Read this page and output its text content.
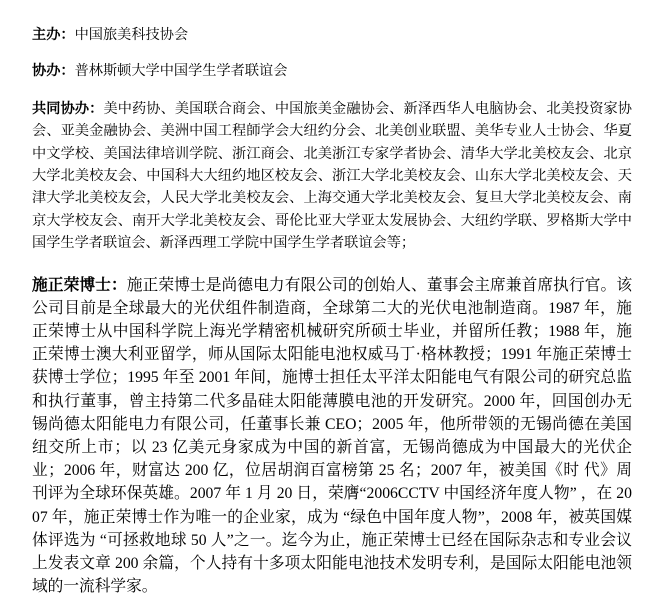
主办：中国旅美科技协会

协办：普林斯顿大学中国学生学者联谊会

共同协办：美中药协、美国联合商会、中国旅美金融协会、新泽西华人电脑协会、北美投资家协会、亚美金融协会、美洲中国工程師学会大纽约分会、北美创业联盟、美华专业人士协会、华夏中文学校、美国法律培训学院、浙江商会、北美浙江专家学者协会、清华大学北美校友会、北京大学北美校友会、中国科大大纽约地区校友会、浙江大学北美校友会、山东大学北美校友会、天津大学北美校友会，人民大学北美校友会、上海交通大学北美校友会、复旦大学北美校友会、南京大学校友会、南开大学北美校友会、哥伦比亚大学亚太发展协会、大纽约学联、罗格斯大学中国学生学者联谊会、新泽西理工学院中国学生学者联谊会等；

施正荣博士：施正荣博士是尚德电力有限公司的创始人、董事会主席兼首席执行官。该公司目前是全球最大的光伏组件制造商，全球第二大的光伏电池制造商。1987 年，施正荣博士从中国科学院上海光学精密机械研究所硕士毕业，并留所任教；1988 年，施正荣博士澳大利亚留学，师从国际太阳能电池权威马丁·格林教授；1991 年施正荣博士获博士学位；1995 年至 2001 年间，施博士担任太平洋太阳能电气有限公司的研究总监和执行董事，曾主持第二代多晶硅太阳能薄膜电池的开发研究。2000 年，回国创办无锡尚德太阳能电力有限公司，任董事长兼 CEO；2005 年，他所带领的无锡尚德在美国纽交所上市；以 23 亿美元身家成为中国的新首富，无锡尚德成为中国最大的光伏企业；2006 年，财富达 200 亿，位居胡润百富榜第 25 名；2007 年，被美国《时 代》周刊评为全球环保英雄。2007 年 1 月 20 日，荣膺“2006CCTV 中国经济年度人物” ，在 2007 年，施正荣博士作为唯一的企业家，成为 “绿色中国年度人物”，2008 年，被英国媒体评选为 “可拯救地球 50 人”之一。迄今为止，施正荣博士已经在国际杂志和专业会议上发表文章 200 余篇，个人持有十多项太阳能电池技术发明专利，是国际太阳能电池领域的一流科学家。
